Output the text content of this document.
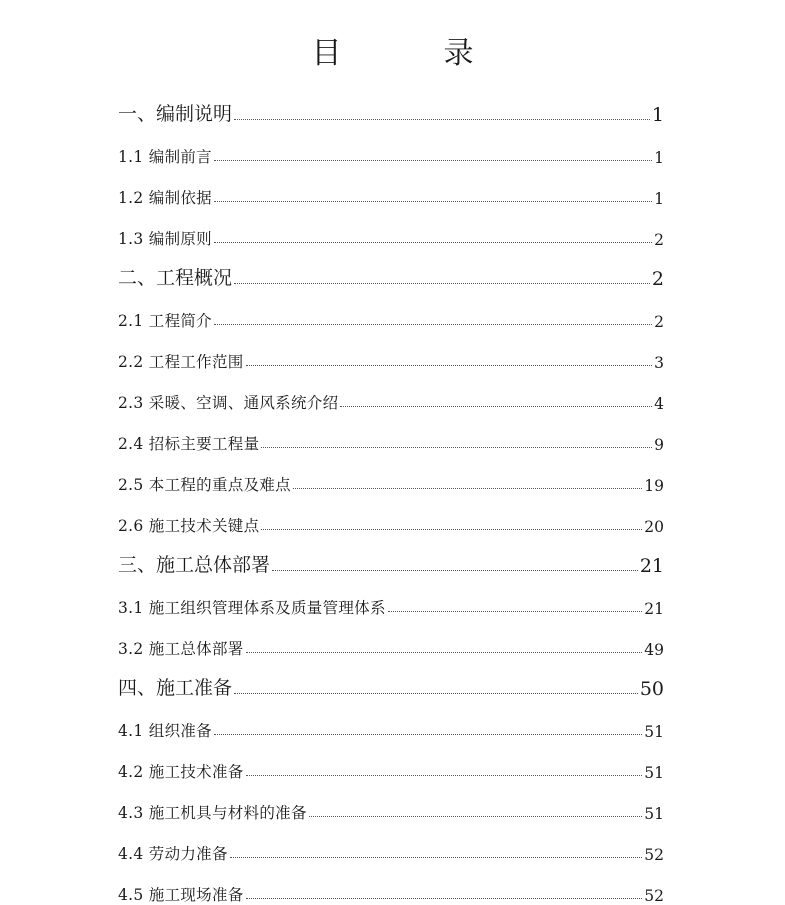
目　录
一、编制说明	1
1.1 编制前言	1
1.2 编制依据	1
1.3 编制原则	2
二、工程概况	2
2.1 工程简介	2
2.2 工程工作范围	3
2.3 采暖、空调、通风系统介绍	4
2.4 招标主要工程量	9
2.5 本工程的重点及难点	19
2.6 施工技术关键点	20
三、施工总体部署	21
3.1 施工组织管理体系及质量管理体系	21
3.2 施工总体部署	49
四、施工准备	50
4.1 组织准备	51
4.2 施工技术准备	51
4.3 施工机具与材料的准备	51
4.4 劳动力准备	52
4.5 施工现场准备	52
